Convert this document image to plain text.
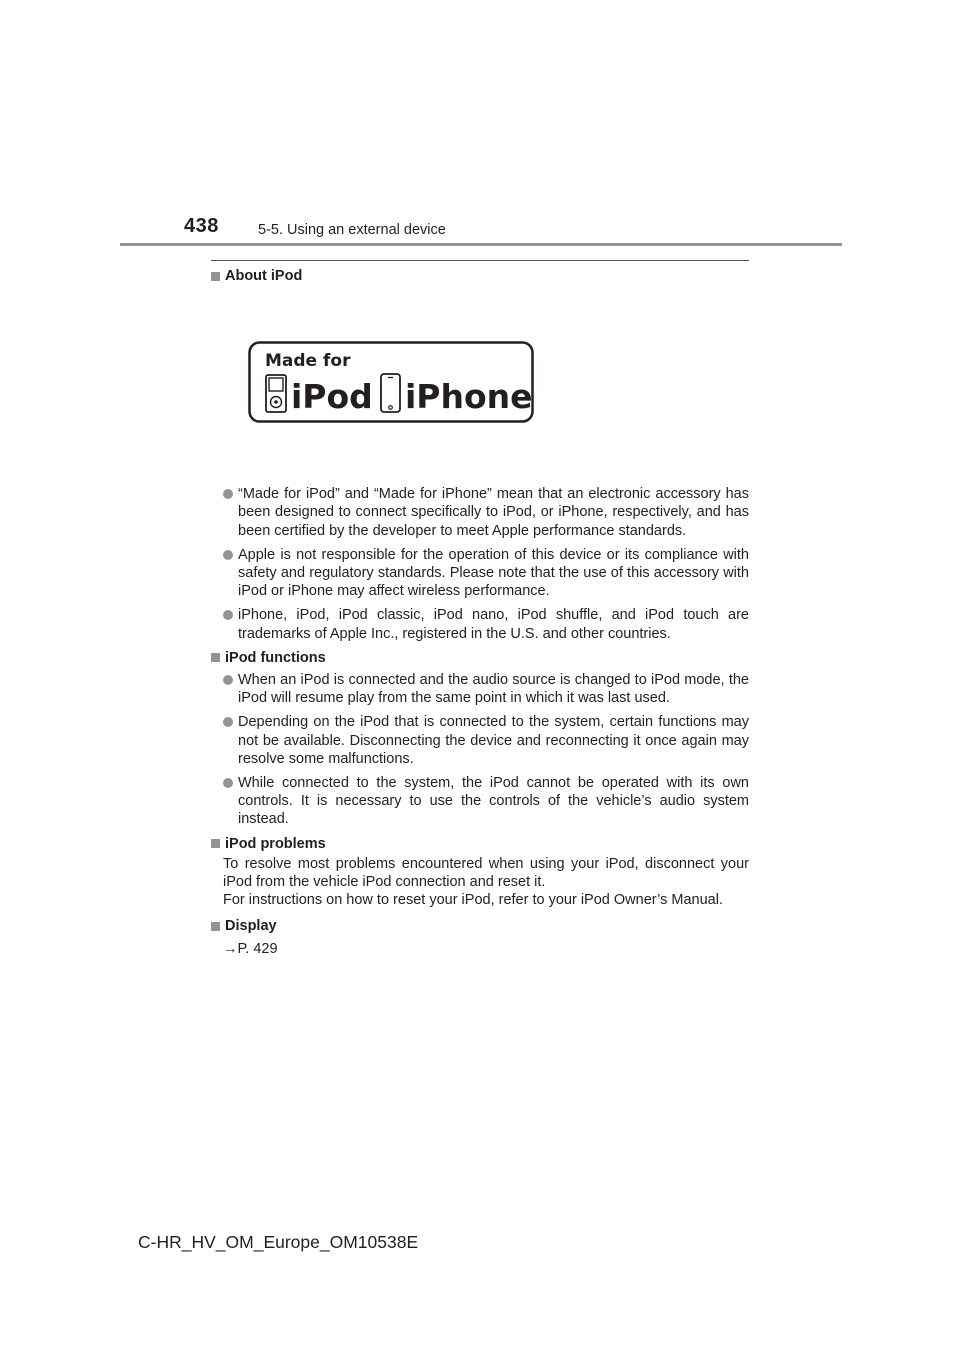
438	5-5. Using an external device
About iPod
Made for
iPod iPhone
“Made for iPod” and “Made for iPhone” mean that an electronic accessory has been designed to connect specifically to iPod, or iPhone, respectively, and has been certified by the developer to meet Apple performance standards.
Apple is not responsible for the operation of this device or its compliance with safety and regulatory standards. Please note that the use of this accessory with iPod or iPhone may affect wireless performance.
iPhone, iPod, iPod classic, iPod nano, iPod shuffle, and iPod touch are trademarks of Apple Inc., registered in the U.S. and other countries.
iPod functions
When an iPod is connected and the audio source is changed to iPod mode, the iPod will resume play from the same point in which it was last used.
Depending on the iPod that is connected to the system, certain functions may not be available. Disconnecting the device and reconnecting it once again may resolve some malfunctions.
While connected to the system, the iPod cannot be operated with its own controls. It is necessary to use the controls of the vehicle’s audio system instead.
iPod problems

To resolve most problems encountered when using your iPod, disconnect your iPod from the vehicle iPod connection and reset it.

For instructions on how to reset your iPod, refer to your iPod Owner’s Manual.

Display

→P. 429

C-HR_HV_OM_Europe_OM10538E
